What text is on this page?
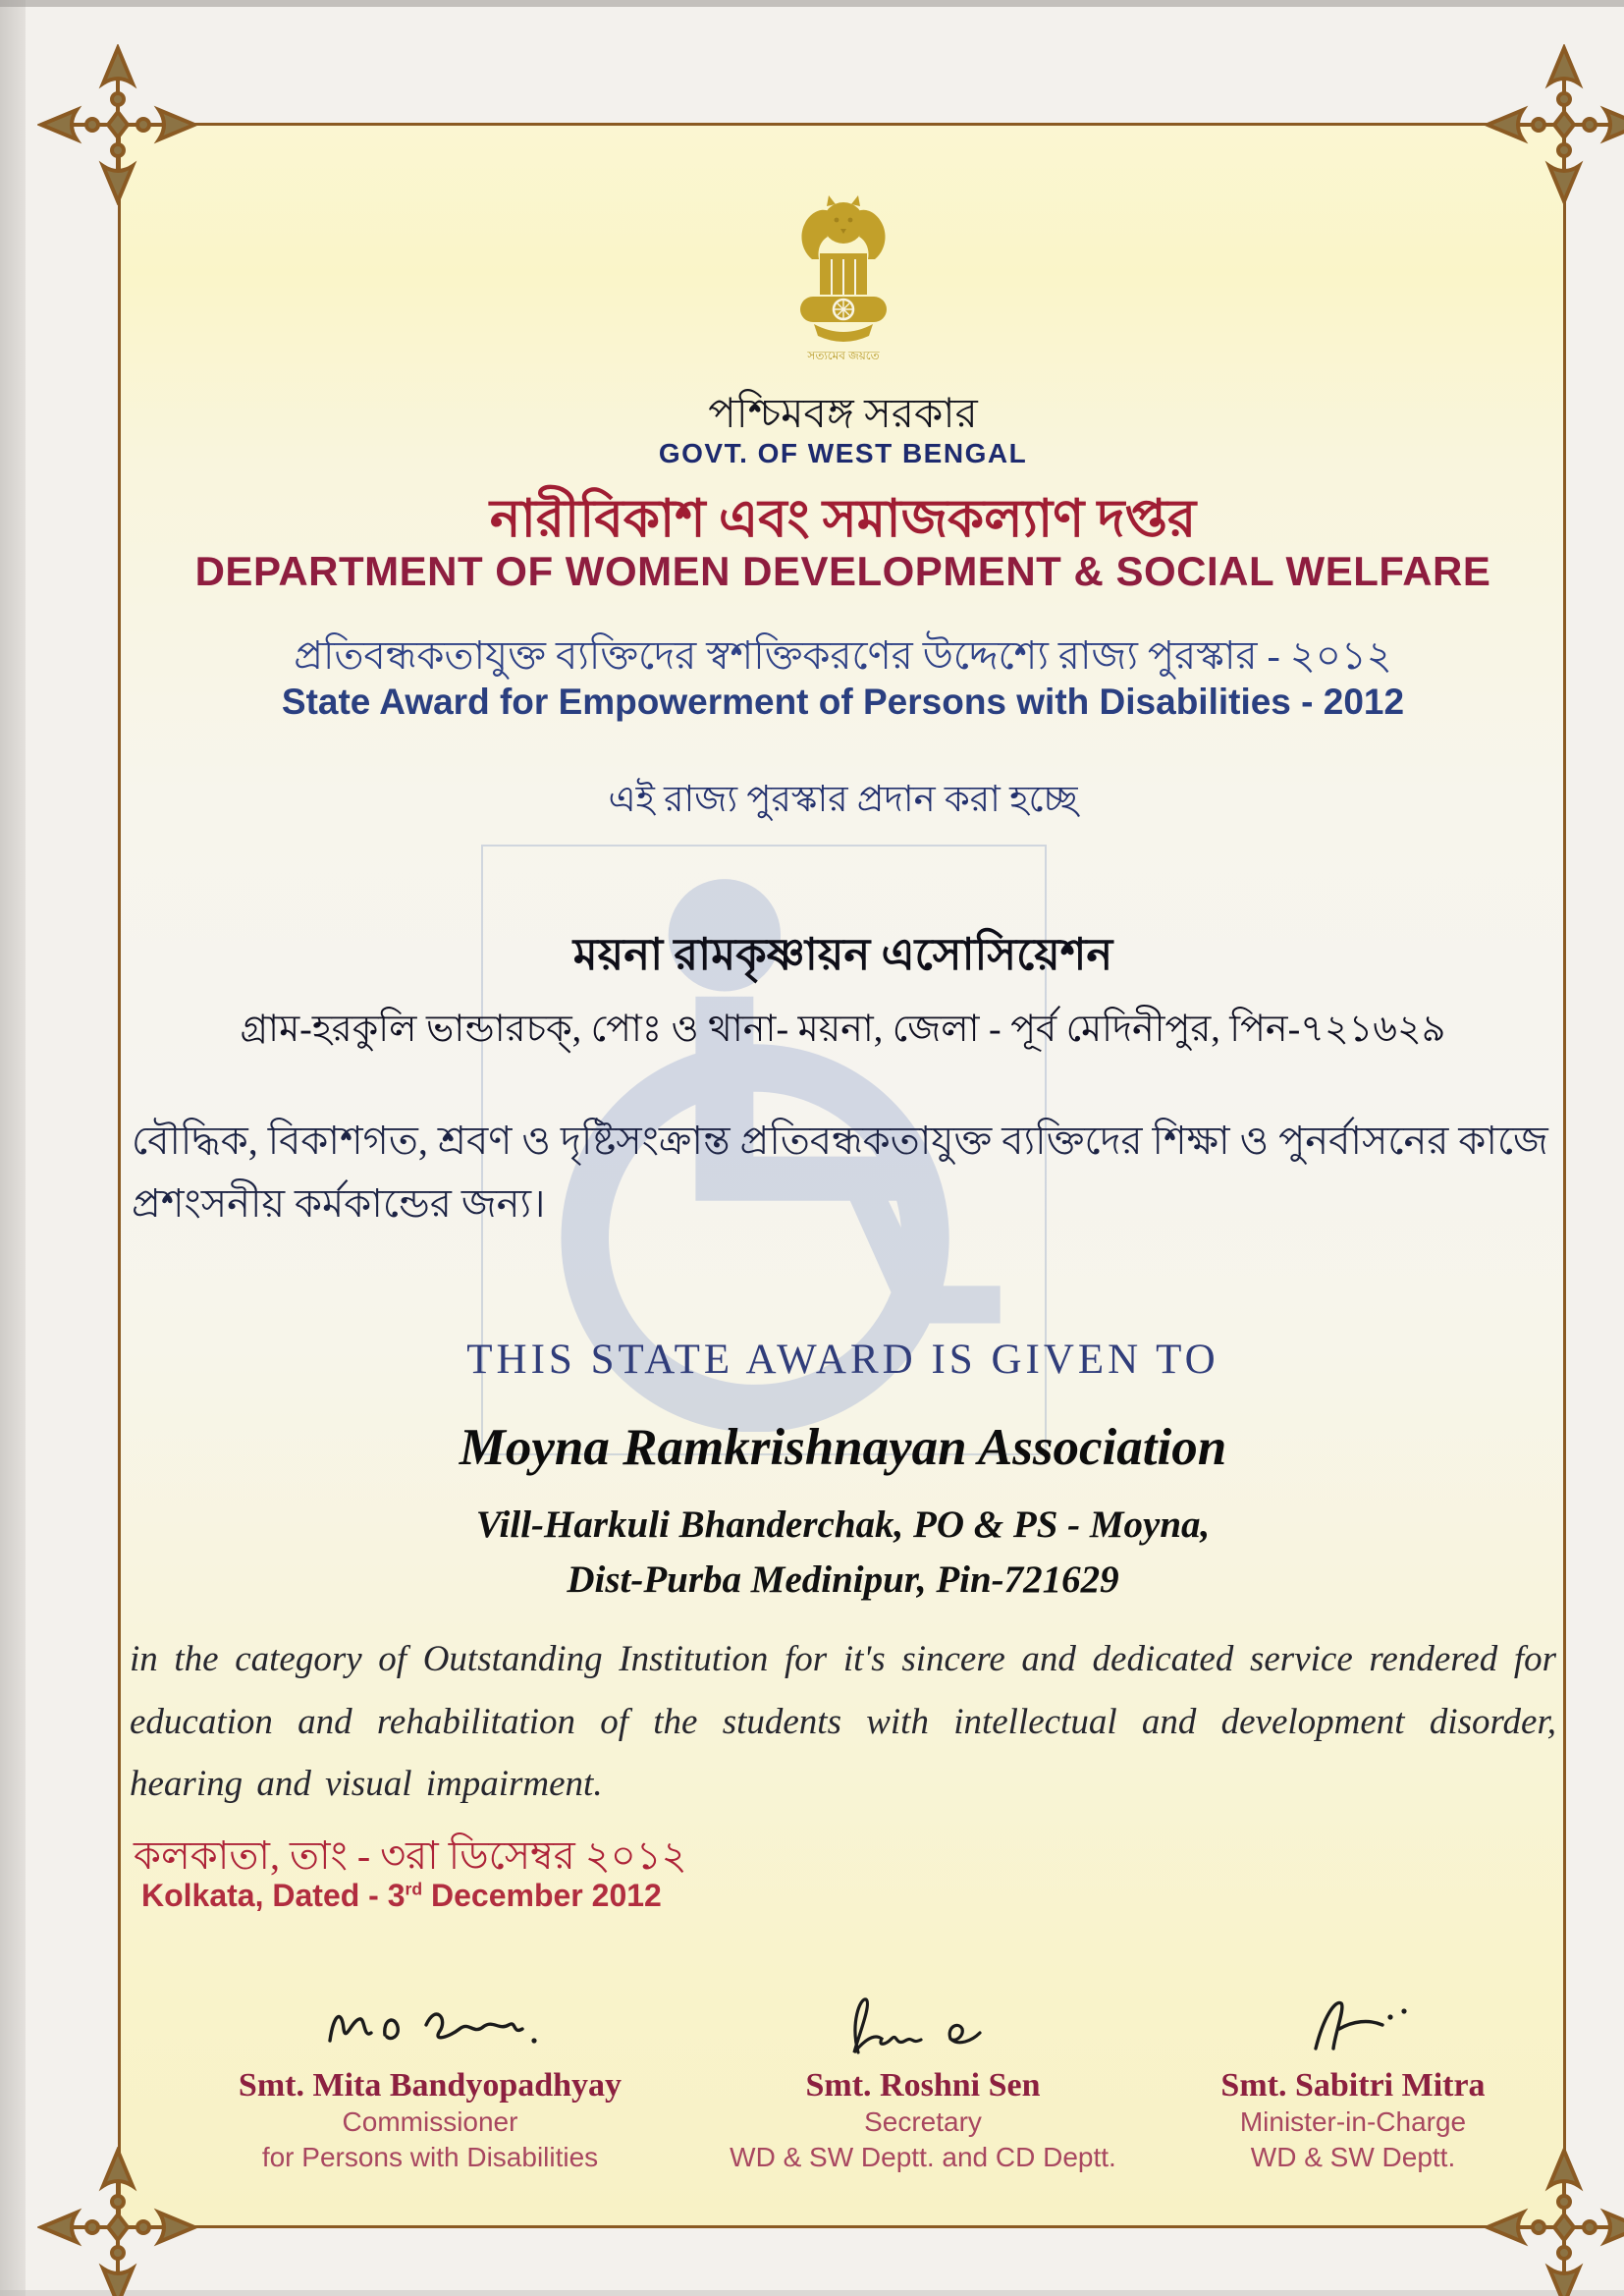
সত্যমেব জয়তে
পশ্চিমবঙ্গ সরকার
GOVT. OF WEST BENGAL
নারীবিকাশ এবং সমাজকল্যাণ দপ্তর
DEPARTMENT OF WOMEN DEVELOPMENT & SOCIAL WELFARE
প্রতিবন্ধকতাযুক্ত ব্যক্তিদের স্বশক্তিকরণের উদ্দেশ্যে রাজ্য পুরস্কার - ২০১২
State Award for Empowerment of Persons with Disabilities - 2012
এই রাজ্য পুরস্কার প্রদান করা হচ্ছে
ময়না রামকৃষ্ণায়ন এসোসিয়েশন
গ্রাম-হরকুলি ভান্ডারচক্, পোঃ ও থানা- ময়না, জেলা - পূর্ব মেদিনীপুর, পিন-৭২১৬২৯
বৌদ্ধিক, বিকাশগত, শ্রবণ ও দৃষ্টিসংক্রান্ত প্রতিবন্ধকতাযুক্ত ব্যক্তিদের শিক্ষা ও পুনর্বাসনের কাজে প্রশংসনীয় কর্মকান্ডের জন্য।
THIS STATE AWARD IS GIVEN TO
Moyna Ramkrishnayan Association
Vill-Harkuli Bhanderchak, PO & PS - Moyna,
Dist-Purba Medinipur, Pin-721629
in the category of Outstanding Institution for it's sincere and dedicated service rendered for education and rehabilitation of the students with intellectual and development disorder, hearing and visual impairment.
কলকাতা, তাং - ৩রা ডিসেম্বর ২০১২
Kolkata, Dated - 3rd December 2012
Smt. Mita Bandyopadhyay
Commissioner
for Persons with Disabilities
Smt. Roshni Sen
Secretary
WD & SW Deptt. and CD Deptt.
Smt. Sabitri Mitra
Minister-in-Charge
WD & SW Deptt.
